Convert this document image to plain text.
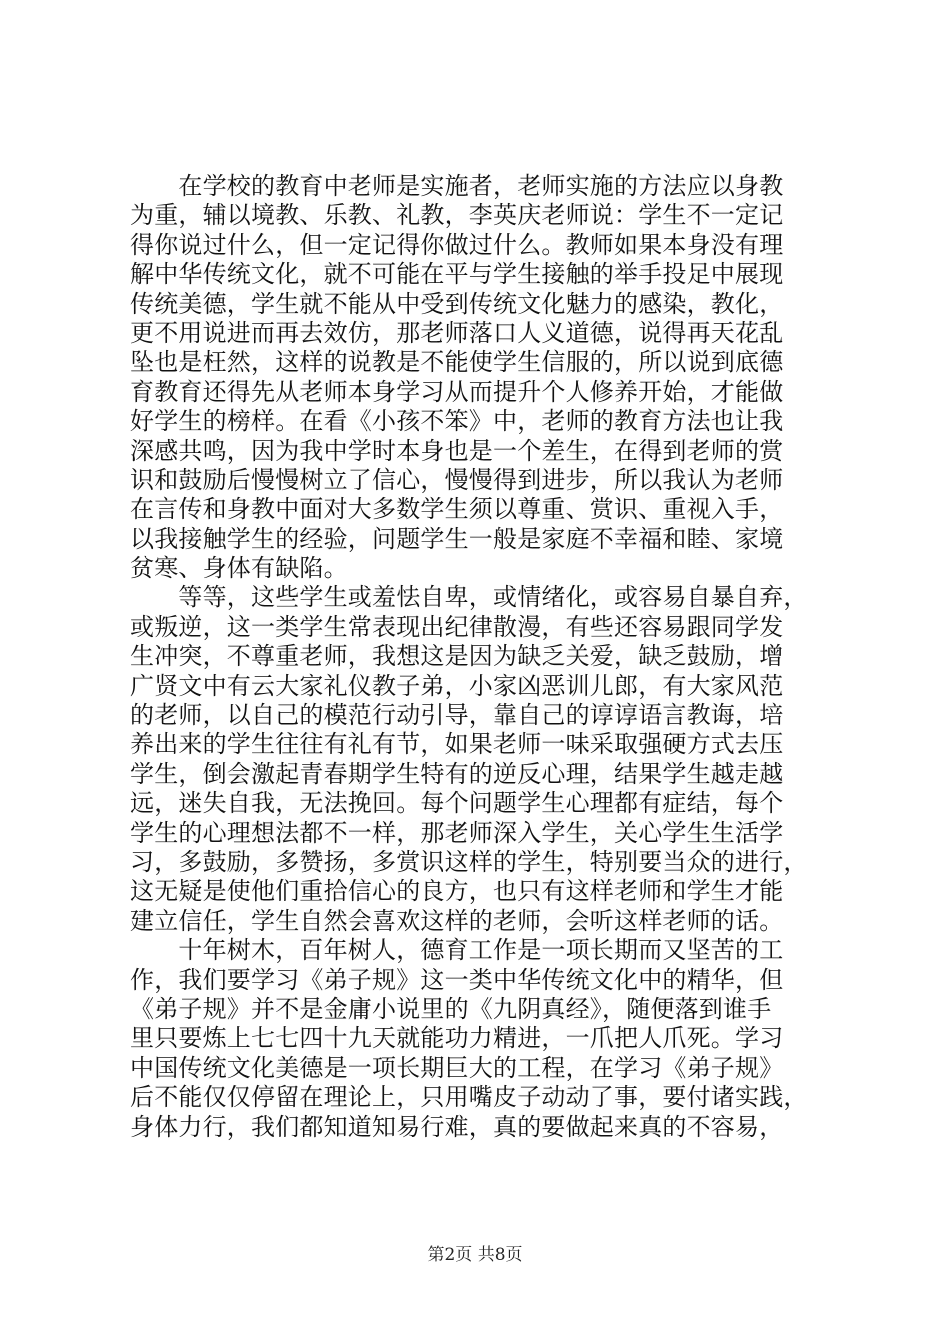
　　在学校的教育中老师是实施者，老师实施的方法应以身教
为重，辅以境教、乐教、礼教，李英庆老师说：学生不一定记
得你说过什么，但一定记得你做过什么。教师如果本身没有理
解中华传统文化，就不可能在平与学生接触的举手投足中展现
传统美德，学生就不能从中受到传统文化魅力的感染，教化，
更不用说进而再去效仿，那老师落口人义道德，说得再天花乱
坠也是枉然，这样的说教是不能使学生信服的，所以说到底德
育教育还得先从老师本身学习从而提升个人修养开始，才能做
好学生的榜样。在看《小孩不笨》中，老师的教育方法也让我
深感共鸣，因为我中学时本身也是一个差生，在得到老师的赏
识和鼓励后慢慢树立了信心，慢慢得到进步，所以我认为老师
在言传和身教中面对大多数学生须以尊重、赏识、重视入手，
以我接触学生的经验，问题学生一般是家庭不幸福和睦、家境
贫寒、身体有缺陷。
　　等等，这些学生或羞怯自卑，或情绪化，或容易自暴自弃，
或叛逆，这一类学生常表现出纪律散漫，有些还容易跟同学发
生冲突，不尊重老师，我想这是因为缺乏关爱，缺乏鼓励，增
广贤文中有云大家礼仪教子弟，小家凶恶训儿郎，有大家风范
的老师，以自己的模范行动引导，靠自己的谆谆语言教诲，培
养出来的学生往往有礼有节，如果老师一味采取强硬方式去压
学生，倒会激起青春期学生特有的逆反心理，结果学生越走越
远，迷失自我，无法挽回。每个问题学生心理都有症结，每个
学生的心理想法都不一样，那老师深入学生，关心学生生活学
习，多鼓励，多赞扬，多赏识这样的学生，特别要当众的进行，
这无疑是使他们重拾信心的良方，也只有这样老师和学生才能
建立信任，学生自然会喜欢这样的老师，会听这样老师的话。
　　十年树木，百年树人，德育工作是一项长期而又坚苦的工
作，我们要学习《弟子规》这一类中华传统文化中的精华，但
《弟子规》并不是金庸小说里的《九阴真经》，随便落到谁手
里只要炼上七七四十九天就能功力精进，一爪把人爪死。学习
中国传统文化美德是一项长期巨大的工程，在学习《弟子规》
后不能仅仅停留在理论上，只用嘴皮子动动了事，要付诸实践，
身体力行，我们都知道知易行难，真的要做起来真的不容易，
第2页 共8页
